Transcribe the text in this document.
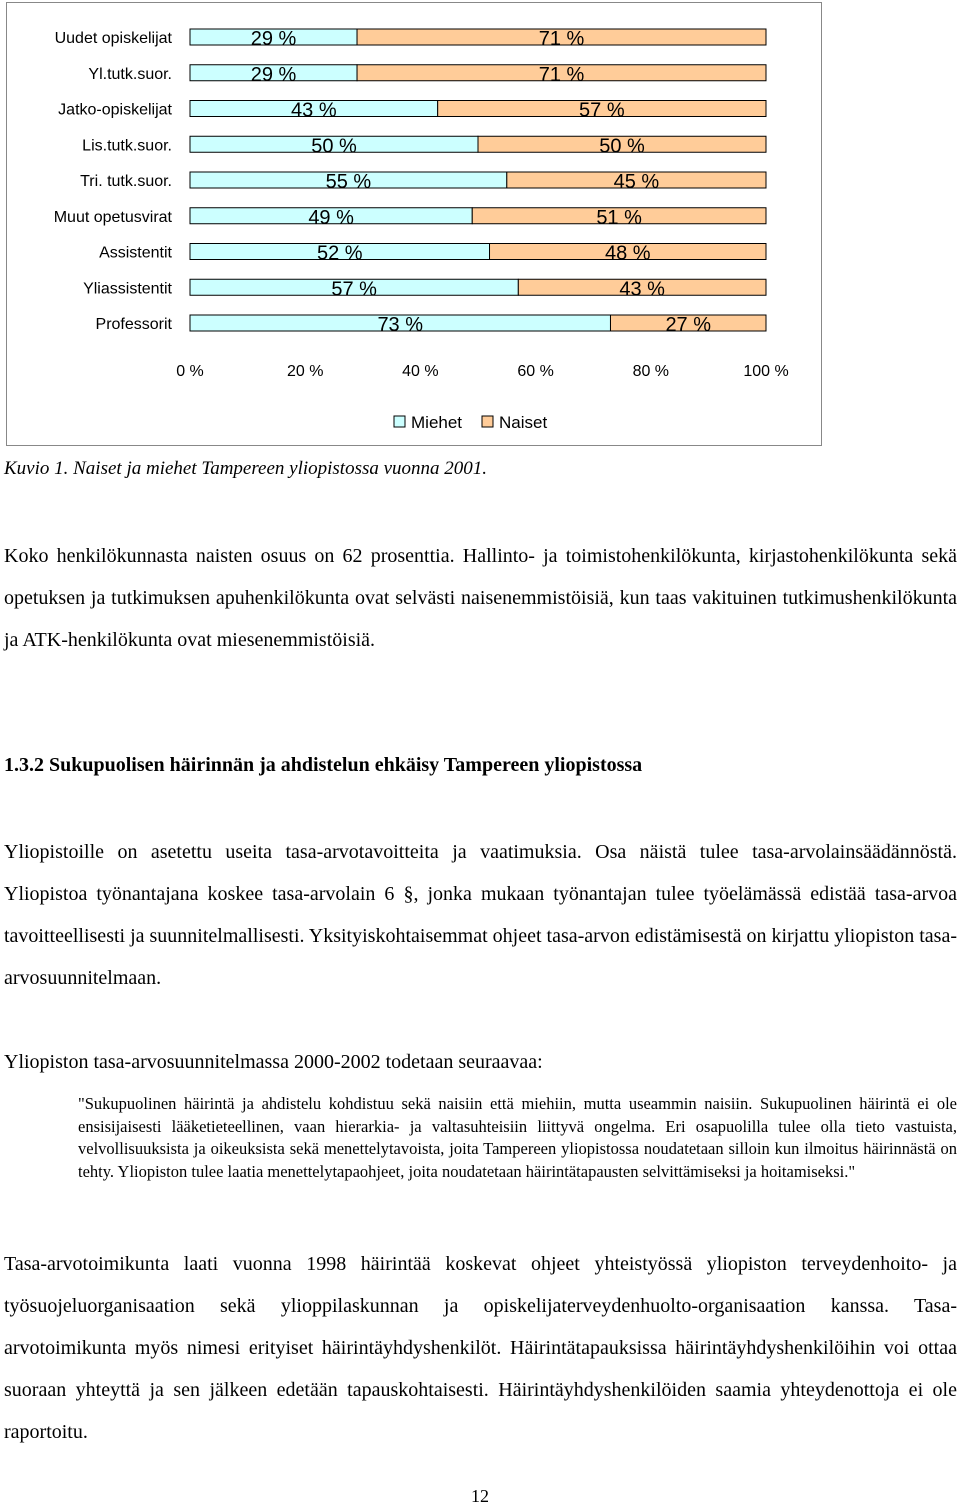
Uudet opiskelijat	29 %	71 %
Yl.tutk.suor.	29 %	71 %
Jatko-opiskelijat	43 %	57 %
Lis.tutk.suor.	50 %	50 %
Tri. tutk.suor.	55 %	45 %
Muut opetusvirat	49 %	51 %
Assistentit	52 %	48 %
Yliassistentit	57 %	43 %
Professorit	73 %	27 %
0 %	20 %	40 %	60 %	80 %	100 %
Miehet Naiset
Kuvio 1. Naiset ja miehet Tampereen yliopistossa vuonna 2001.

Koko henkilökunnasta naisten osuus on 62 prosenttia. Hallinto- ja toimistohenkilökunta, kirjastohenkilökunta sekä opetuksen ja tutkimuksen apuhenkilökunta ovat selvästi naisenemmistöisiä, kun taas vakituinen tutkimushenkilökunta ja ATK-henkilökunta ovat miesenemmistöisiä.

1.3.2 Sukupuolisen häirinnän ja ahdistelun ehkäisy Tampereen yliopistossa

Yliopistoille on asetettu useita tasa-arvotavoitteita ja vaatimuksia. Osa näistä tulee tasa-arvolainsäädännöstä. Yliopistoa työnantajana koskee tasa-arvolain 6 §, jonka mukaan työnantajan tulee työelämässä edistää tasa-arvoa tavoitteellisesti ja suunnitelmallisesti. Yksityiskohtaisemmat ohjeet tasa-arvon edistämisestä on kirjattu yliopiston tasa-arvosuunnitelmaan.

Yliopiston tasa-arvosuunnitelmassa 2000-2002 todetaan seuraavaa:

"Sukupuolinen häirintä ja ahdistelu kohdistuu sekä naisiin että miehiin, mutta useammin naisiin. Sukupuolinen häirintä ei ole ensisijaisesti lääketieteellinen, vaan hierarkia- ja valtasuhteisiin liittyvä ongelma. Eri osapuolilla tulee olla tieto vastuista, velvollisuuksista ja oikeuksista sekä menettelytavoista, joita Tampereen yliopistossa noudatetaan silloin kun ilmoitus häirinnästä on tehty. Yliopiston tulee laatia menettelytapaohjeet, joita noudatetaan häirintätapausten selvittämiseksi ja hoitamiseksi."

Tasa-arvotoimikunta laati vuonna 1998 häirintää koskevat ohjeet yhteistyössä yliopiston terveydenhoito- ja työsuojeluorganisaation sekä ylioppilaskunnan ja opiskelijaterveydenhuolto-organisaation kanssa. Tasa-arvotoimikunta myös nimesi erityiset häirintäyhdyshenkilöt. Häirintätapauksissa häirintäyhdyshenkilöihin voi ottaa suoraan yhteyttä ja sen jälkeen edetään tapauskohtaisesti. Häirintäyhdyshenkilöiden saamia yhteydenottoja ei ole raportoitu.

12
